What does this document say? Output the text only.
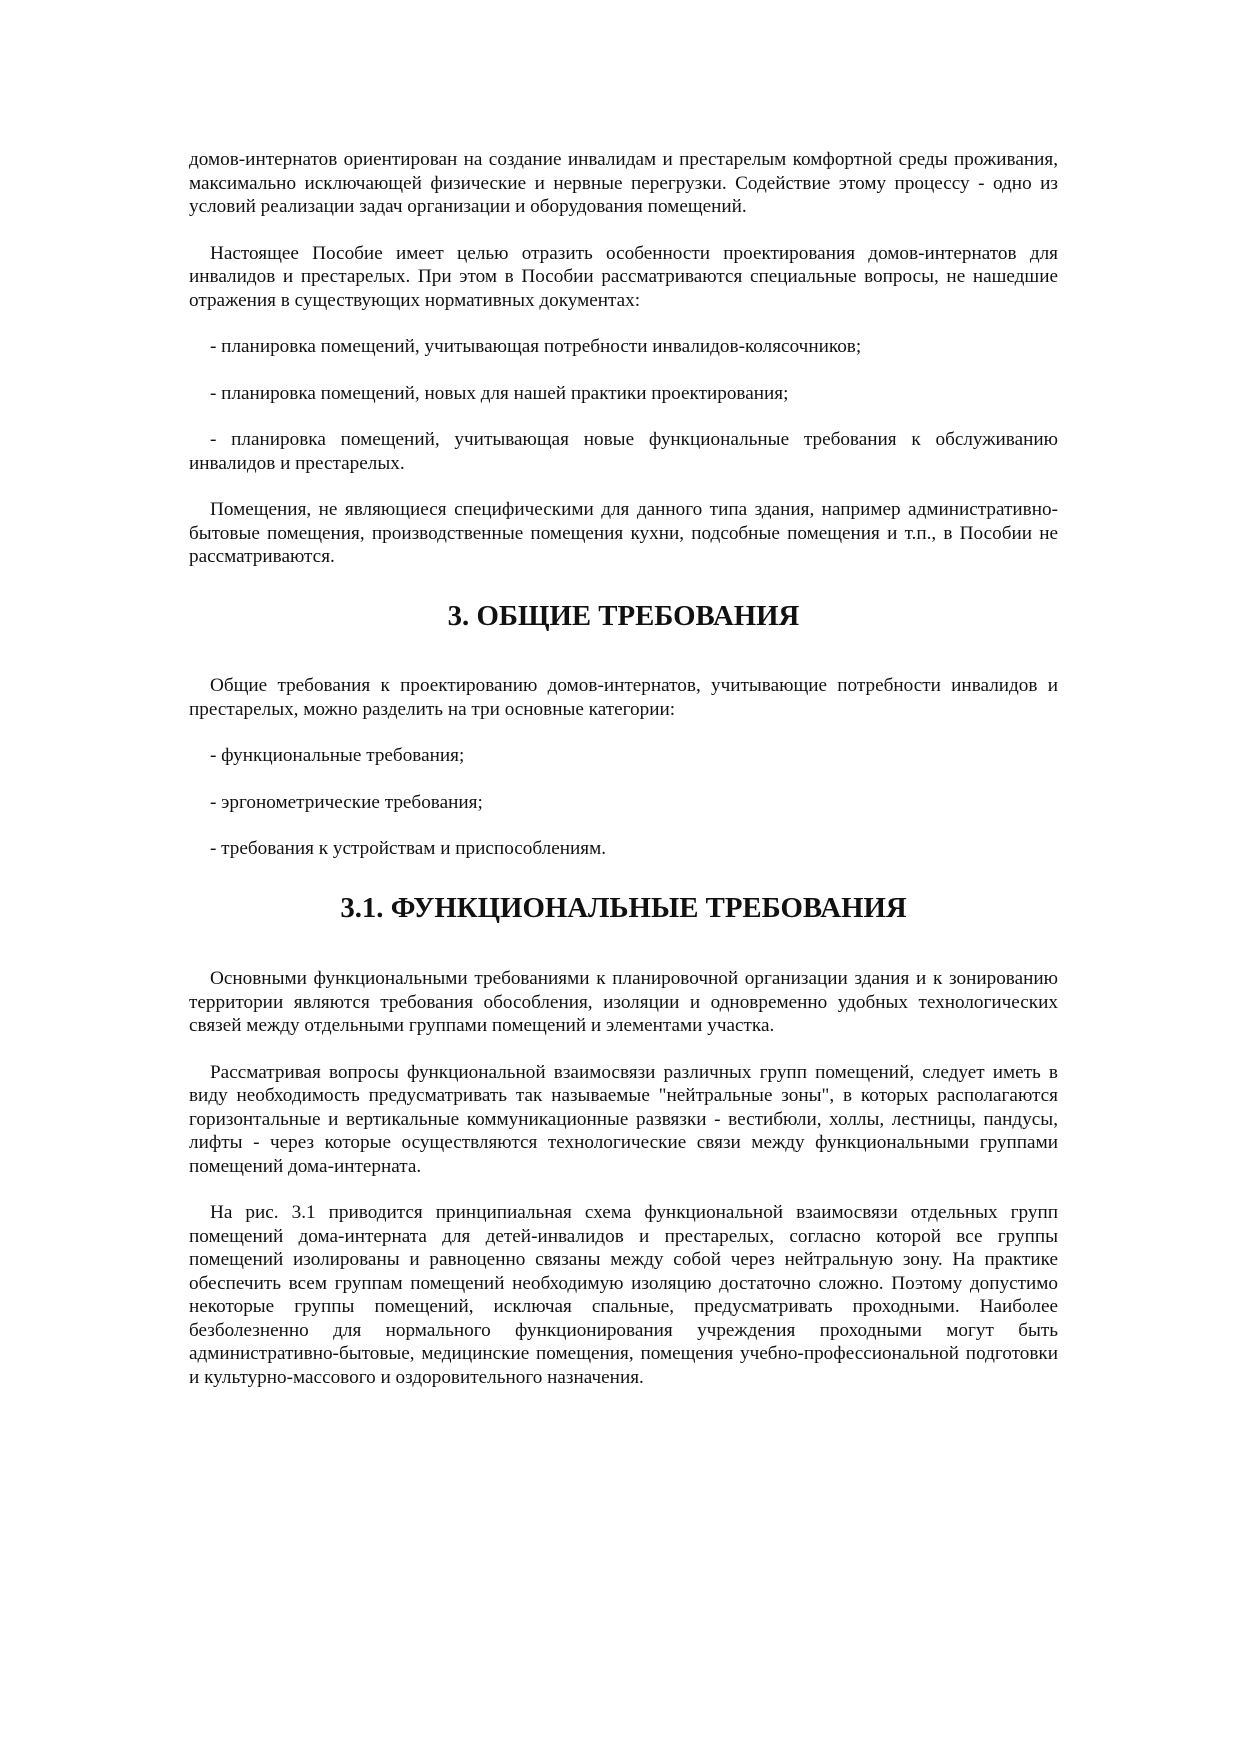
домов-интернатов ориентирован на создание инвалидам и престарелым комфортной среды проживания, максимально исключающей физические и нервные перегрузки. Содействие этому процессу - одно из условий реализации задач организации и оборудования помещений.

Настоящее Пособие имеет целью отразить особенности проектирования домов-интернатов для инвалидов и престарелых. При этом в Пособии рассматриваются специальные вопросы, не нашедшие отражения в существующих нормативных документах:

- планировка помещений, учитывающая потребности инвалидов-колясочников;

- планировка помещений, новых для нашей практики проектирования;

- планировка помещений, учитывающая новые функциональные требования к обслуживанию инвалидов и престарелых.

Помещения, не являющиеся специфическими для данного типа здания, например административно-бытовые помещения, производственные помещения кухни, подсобные помещения и т.п., в Пособии не рассматриваются.

3. ОБЩИЕ ТРЕБОВАНИЯ

Общие требования к проектированию домов-интернатов, учитывающие потребности инвалидов и престарелых, можно разделить на три основные категории:

- функциональные требования;

- эргонометрические требования;

- требования к устройствам и приспособлениям.

3.1. ФУНКЦИОНАЛЬНЫЕ ТРЕБОВАНИЯ

Основными функциональными требованиями к планировочной организации здания и к зонированию территории являются требования обособления, изоляции и одновременно удобных технологических связей между отдельными группами помещений и элементами участка.

Рассматривая вопросы функциональной взаимосвязи различных групп помещений, следует иметь в виду необходимость предусматривать так называемые "нейтральные зоны", в которых располагаются горизонтальные и вертикальные коммуникационные развязки - вестибюли, холлы, лестницы, пандусы, лифты - через которые осуществляются технологические связи между функциональными группами помещений дома-интерната.

На рис. 3.1 приводится принципиальная схема функциональной взаимосвязи отдельных групп помещений дома-интерната для детей-инвалидов и престарелых, согласно которой все группы помещений изолированы и равноценно связаны между собой через нейтральную зону. На практике обеспечить всем группам помещений необходимую изоляцию достаточно сложно. Поэтому допустимо некоторые группы помещений, исключая спальные, предусматривать проходными. Наиболее безболезненно для нормального функционирования учреждения проходными могут быть административно-бытовые, медицинские помещения, помещения учебно-профессиональной подготовки и культурно-массового и оздоровительного назначения.
